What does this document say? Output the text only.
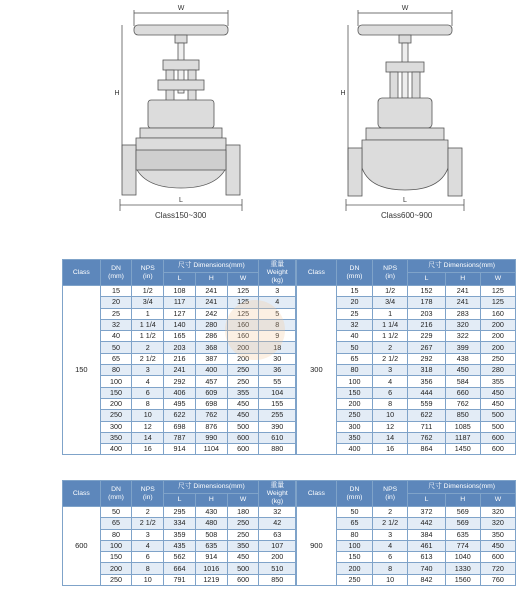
W
H
L
W
H
L
Class150~300	Class600~900
Class	DN
(mm)	NPS
(in)	尺寸 Dimensions(mm)			重量
Weight
(kg)
			L	H	W	
150	15	1/2	108	241	125	3
	20	3/4	117	241	125	4
	25	1	127	242	125	5
	32	1 1/4	140	280	160	8
	40	1 1/2	165	286	160	9
	50	2	203	368	200	18
	65	2 1/2	216	387	200	30
	80	3	241	400	250	36
	100	4	292	457	250	55
	150	6	406	609	355	104
	200	8	495	698	450	155
	250	10	622	762	450	255
	300	12	698	876	500	390
	350	14	787	990	600	610
	400	16	914	1104	600	880
Class	DN
(mm)	NPS
(in)	尺寸 Dimensions(mm)		
			L	H	W
300	15	1/2	152	241	125
	20	3/4	178	241	125
	25	1	203	283	160
	32	1 1/4	216	320	200
	40	1 1/2	229	322	200
	50	2	267	399	200
	65	2 1/2	292	438	250
	80	3	318	450	280
	100	4	356	584	355
	150	6	444	660	450
	200	8	559	762	450
	250	10	622	850	500
	300	12	711	1085	500
	350	14	762	1187	600
	400	16	864	1450	600
Class	DN
(mm)	NPS
(in)	尺寸 Dimensions(mm)			重量
Weight
(kg)
			L	H	W	
600	50	2	295	430	180	32
	65	2 1/2	334	480	250	42
	80	3	359	508	250	63
	100	4	435	635	350	107
	150	6	562	914	450	200
	200	8	664	1016	500	510
	250	10	791	1219	600	850
Class	DN
(mm)	NPS
(in)	尺寸 Dimensions(mm)		
			L	H	W
900	50	2	372	569	320
	65	2 1/2	442	569	320
	80	3	384	635	350
	100	4	461	774	450
	150	6	613	1040	600
	200	8	740	1330	720
	250	10	842	1560	760
